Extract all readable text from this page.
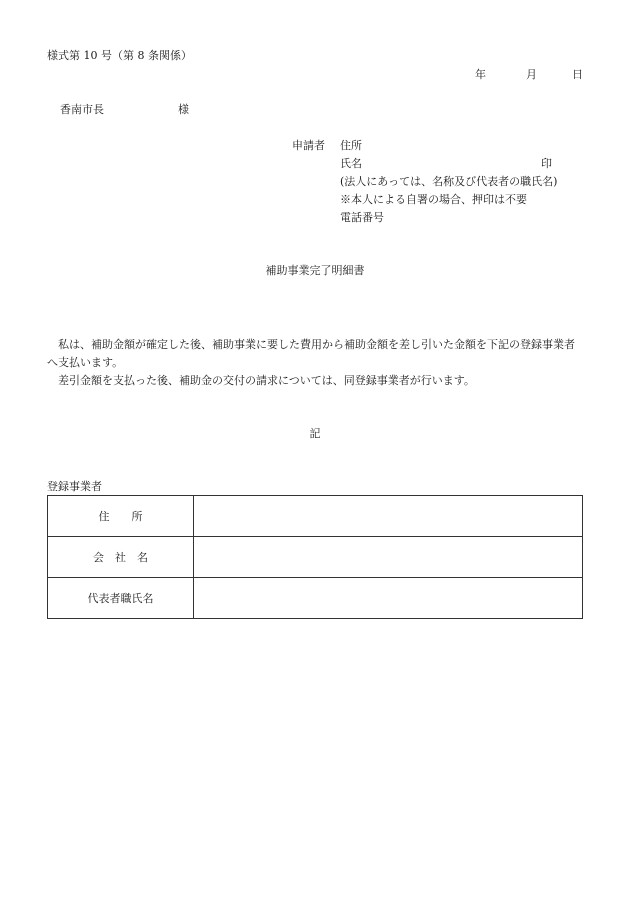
様式第 10 号（第 8 条関係）
年	月	日
香南市長	様
申請者 住所
氏名	印
(法人にあっては、名称及び代表者の職氏名)
※本人による自署の場合、押印は不要
電話番号
補助事業完了明細書
私は、補助金額が確定した後、補助事業に要した費用から補助金額を差し引いた金額を下記の登録事業者へ支払います。
差引金額を支払った後、補助金の交付の請求については、同登録事業者が行います。
記
登録事業者
住　　所	
会　社　名	
代表者職氏名	
